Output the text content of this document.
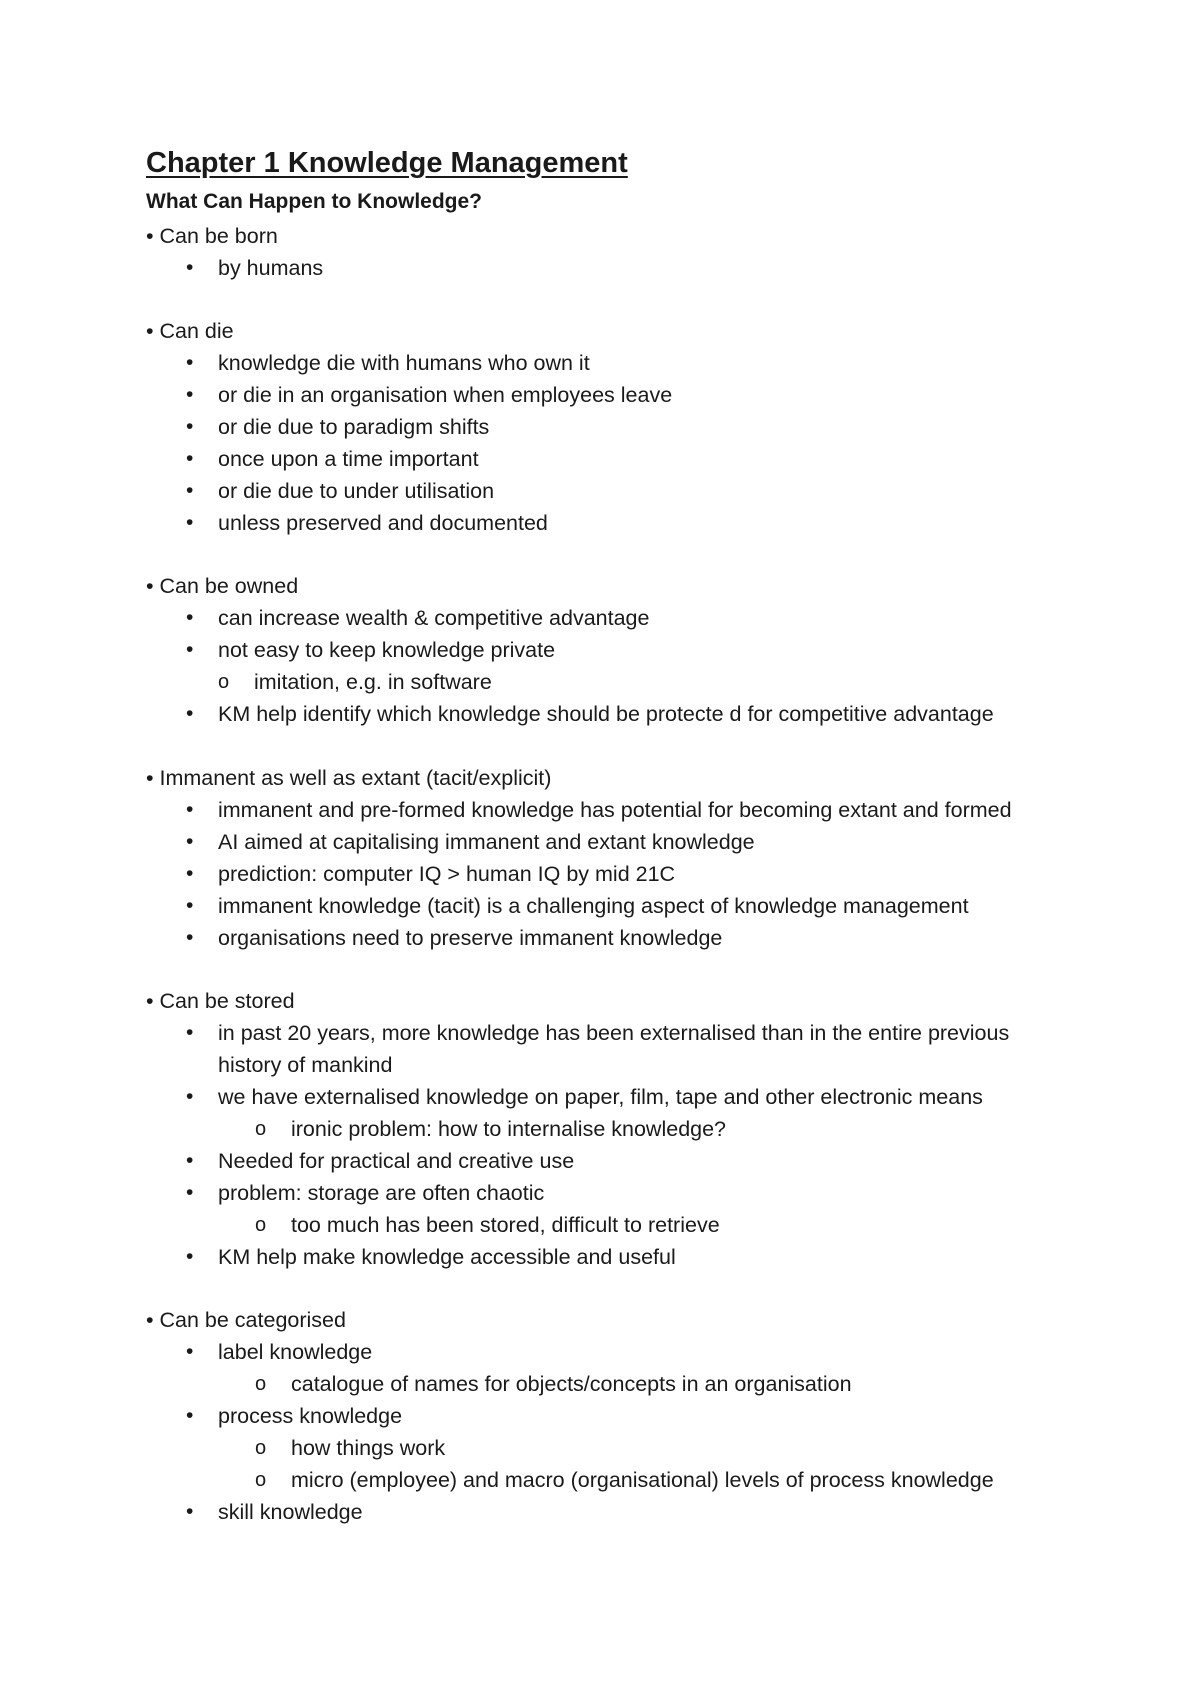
Chapter 1 Knowledge Management
What Can Happen to Knowledge?
• Can be born
• by humans
• Can die
• knowledge die with humans who own it
• or die in an organisation when employees leave
• or die due to paradigm shifts
• once upon a time important
• or die due to under utilisation
• unless preserved and documented
• Can be owned
• can increase wealth & competitive advantage
• not easy to keep knowledge private
o imitation, e.g. in software
• KM help identify which knowledge should be protecte d for competitive advantage
• Immanent as well as extant (tacit/explicit)
• immanent and pre-formed knowledge has potential for becoming extant and formed
• AI aimed at capitalising immanent and extant knowledge
• prediction: computer IQ > human IQ by mid 21C
• immanent knowledge (tacit) is a challenging aspect of knowledge management
• organisations need to preserve immanent knowledge
• Can be stored
• in past 20 years, more knowledge has been externalised than in the entire previous
history of mankind
• we have externalised knowledge on paper, film, tape and other electronic means
o ironic problem: how to internalise knowledge?
• Needed for practical and creative use
• problem: storage are often chaotic
o too much has been stored, difficult to retrieve
• KM help make knowledge accessible and useful
• Can be categorised
• label knowledge
o catalogue of names for objects/concepts in an organisation
• process knowledge
o how things work
o micro (employee) and macro (organisational) levels of process knowledge
• skill knowledge
